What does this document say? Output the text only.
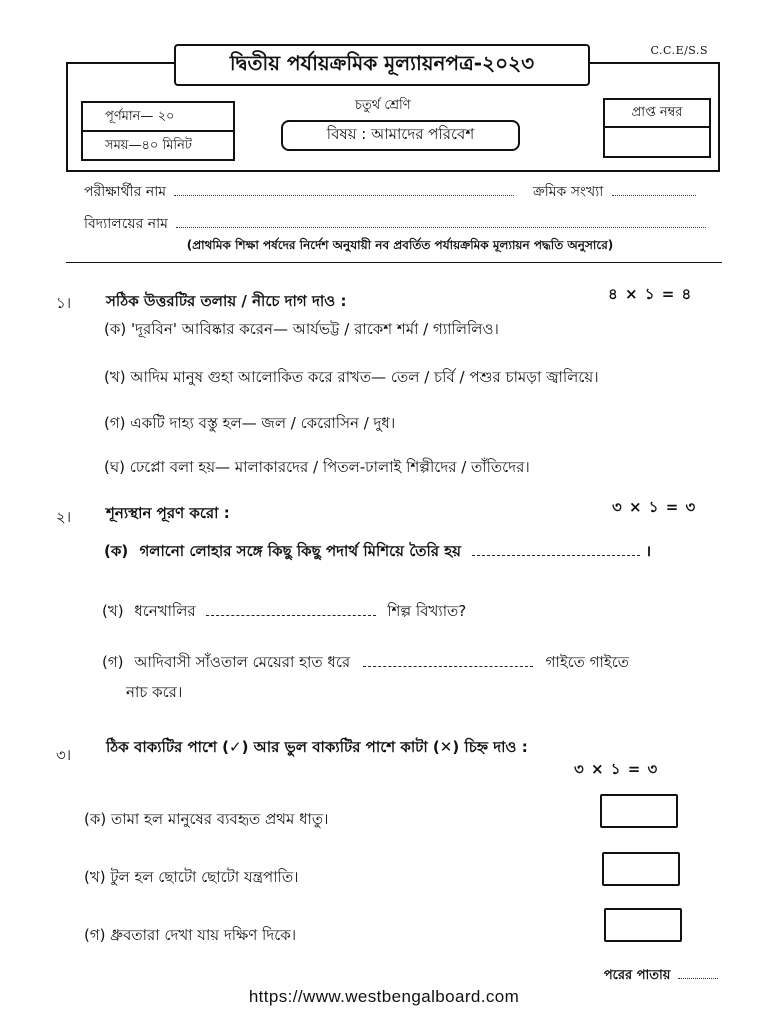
C.C.E/S.S
দ্বিতীয় পর্যায়ক্রমিক মূল্যায়নপত্র-২০২৩
পূর্ণমান— ২০
সময়—৪০ মিনিট
চতুর্থ শ্রেণি
বিষয় : আমাদের পরিবেশ
প্রাপ্ত নম্বর
পরীক্ষার্থীর নাম	ক্রমিক সংখ্যা
বিদ্যালয়ের নাম
(প্রাথমিক শিক্ষা পর্ষদের নির্দেশ অনুযায়ী নব প্রবর্তিত পর্যায়ক্রমিক মূল্যায়ন পদ্ধতি অনুসারে)
১। সঠিক উত্তরটির তলায় / নীচে দাগ দাও :	৪ × ১ = ৪
(ক) 'দূরবিন' আবিষ্কার করেন— আর্যভট্ট / রাকেশ শর্মা / গ্যালিলিও।
(খ) আদিম মানুষ গুহা আলোকিত করে রাখত— তেল / চর্বি / পশুর চামড়া জ্বালিয়ে।
(গ) একটি দাহ্য বস্তু হল— জল / কেরোসিন / দুধ।
(ঘ) ঢেপ্লো বলা হয়— মালাকারদের / পিতল-ঢালাই শিল্পীদের / তাঁতিদের।
২। শূন্যস্থান পূরণ করো :	৩ × ১ = ৩
(ক) গলানো লোহার সঙ্গে কিছু কিছু পদার্থ মিশিয়ে তৈরি হয়	।
(খ) ধনেখালির	শিল্প বিখ্যাত?
(গ) আদিবাসী সাঁওতাল মেয়েরা হাত ধরে	গাইতে গাইতে
নাচ করে।
৩। ঠিক বাক্যটির পাশে (✓) আর ভুল বাক্যটির পাশে কাটা (✕) চিহ্ন দাও :
৩ × ১ = ৩
(ক) তামা হল মানুষের ব্যবহৃত প্রথম ধাতু।
(খ) টুল হল ছোটো ছোটো যন্ত্রপাতি।
(গ) ধ্রুবতারা দেখা যায় দক্ষিণ দিকে।
পরের পাতায়
https://www.westbengalboard.com
